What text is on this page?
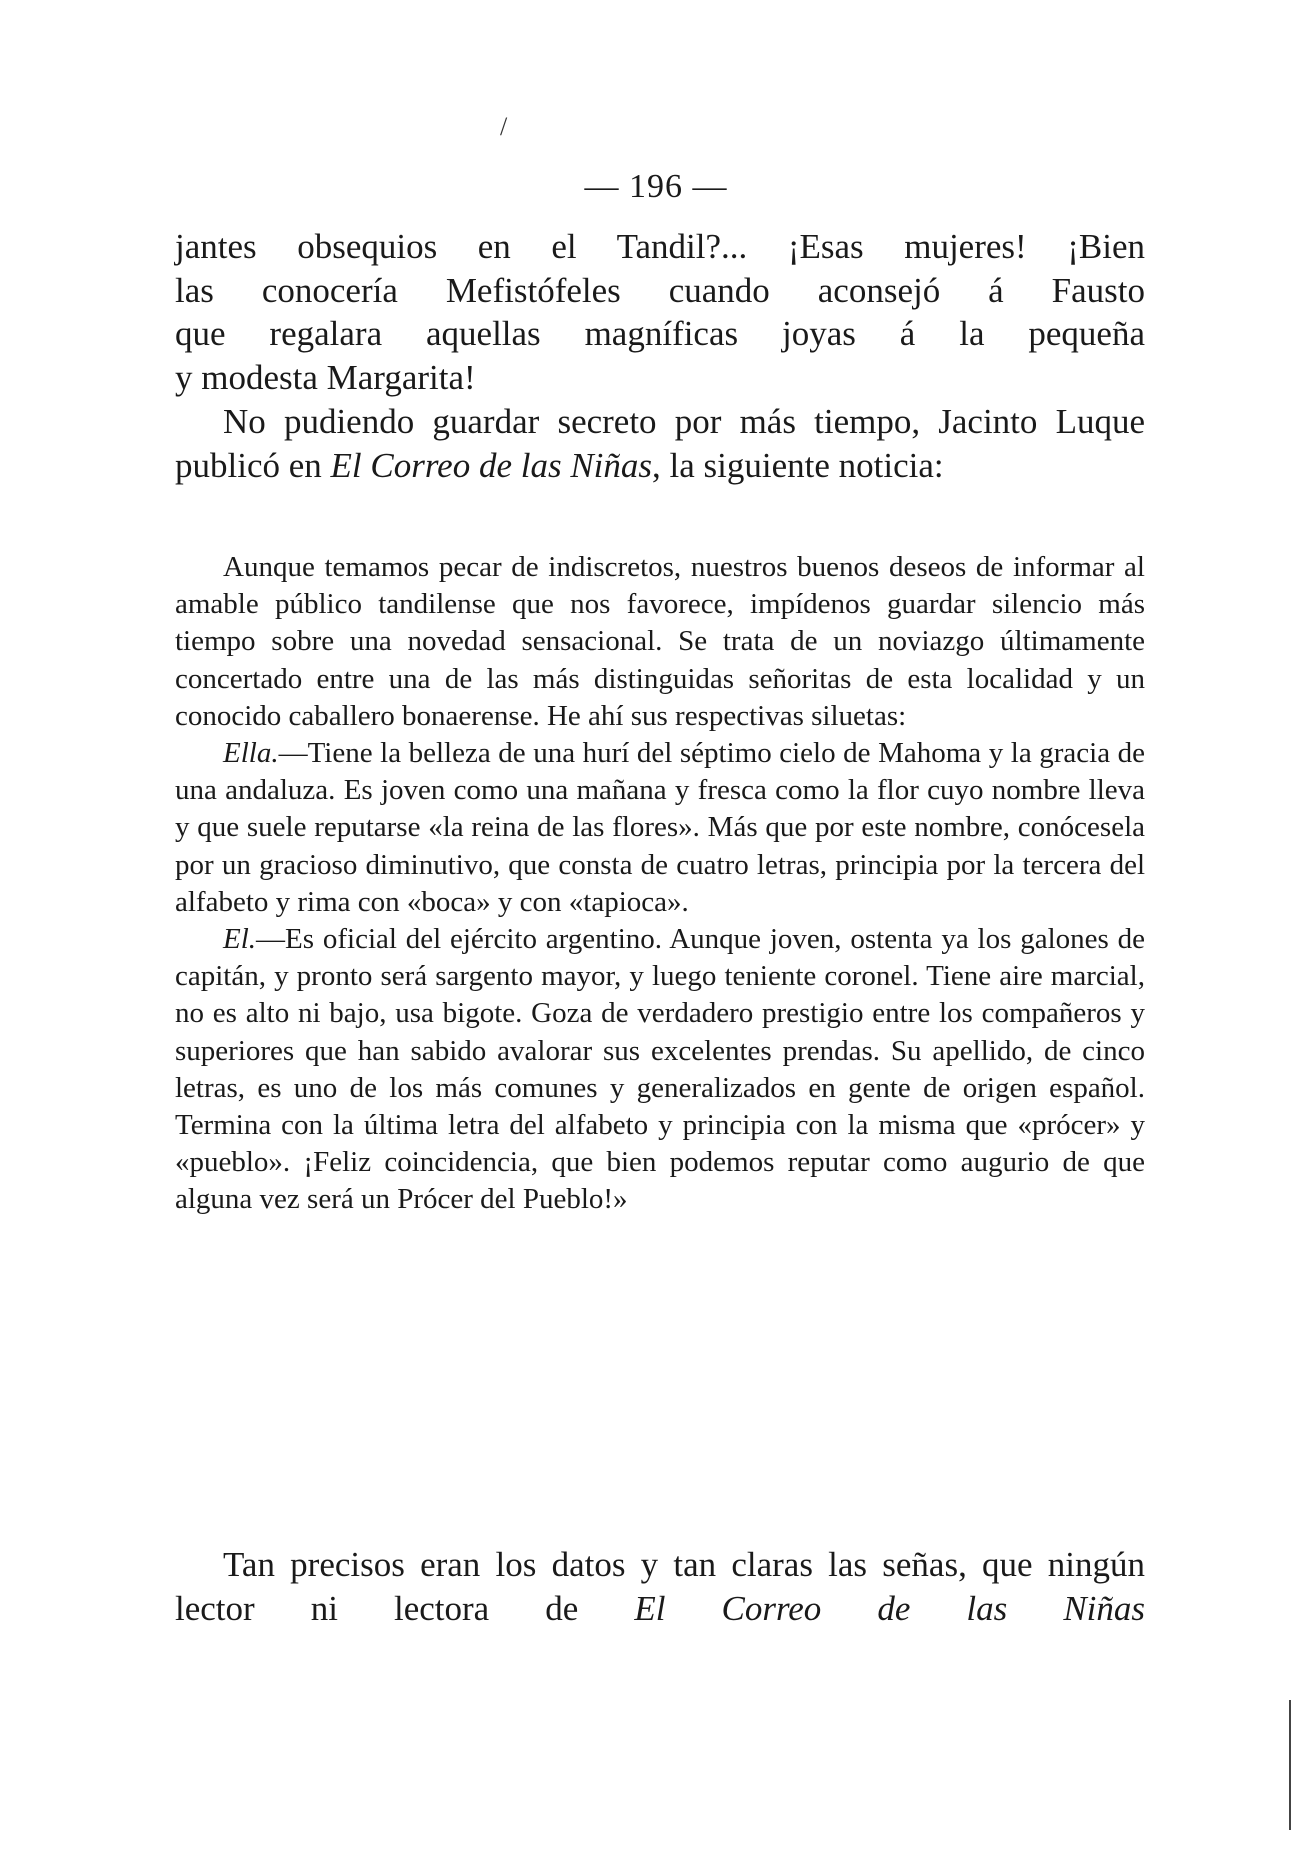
/
— 196 —

jantes obsequios en el Tandil?... ¡Esas mujeres! ¡Bien

las conocería Mefistófeles cuando aconsejó á Fausto

que regalara aquellas magníficas joyas á la pequeña

y modesta Margarita!

No pudiendo guardar secreto por más tiempo, Jacinto Luque publicó en El Correo de las Niñas, la siguiente noticia:

Aunque temamos pecar de indiscretos, nuestros buenos deseos de informar al amable público tandilense que nos favorece, impídenos guardar silencio más tiempo sobre una novedad sensacional. Se trata de un noviazgo últimamente concertado entre una de las más distinguidas señoritas de esta localidad y un conocido caballero bonaerense. He ahí sus respectivas siluetas:

Ella.—Tiene la belleza de una hurí del séptimo cielo de Mahoma y la gracia de una andaluza. Es joven como una mañana y fresca como la flor cuyo nombre lleva y que suele reputarse «la reina de las flores». Más que por este nombre, conócesela por un gracioso diminutivo, que consta de cuatro letras, principia por la tercera del alfabeto y rima con «boca» y con «tapioca».

El.—Es oficial del ejército argentino. Aunque joven, ostenta ya los galones de capitán, y pronto será sargento mayor, y luego teniente coronel. Tiene aire marcial, no es alto ni bajo, usa bigote. Goza de verdadero prestigio entre los compañeros y superiores que han sabido avalorar sus excelentes prendas. Su apellido, de cinco letras, es uno de los más comunes y generalizados en gente de origen español. Termina con la última letra del alfabeto y principia con la misma que «prócer» y «pueblo». ¡Feliz coincidencia, que bien podemos reputar como augurio de que alguna vez será un Prócer del Pueblo!»

Tan precisos eran los datos y tan claras las señas, que ningún lector ni lectora de El Correo de las Niñas
